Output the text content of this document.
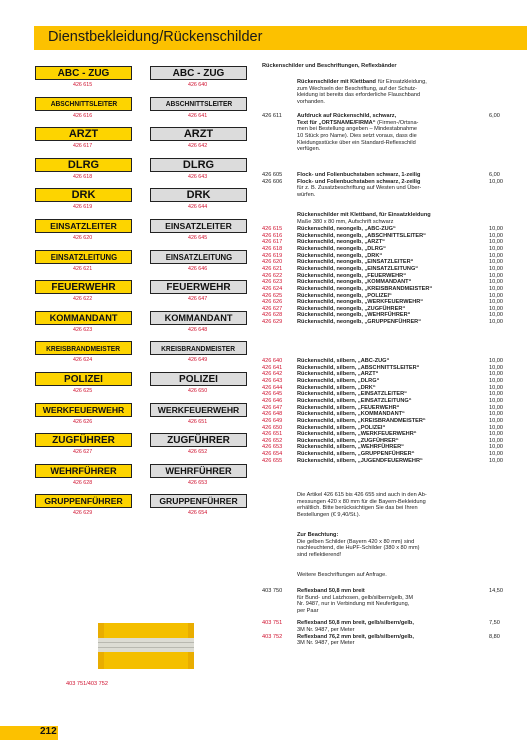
Dienstbekleidung/Rückenschilder
ABC - ZUG
426 615
ABSCHNITTSLEITER
426 616
ARZT
426 617
DLRG
426 618
DRK
426 619
EINSATZLEITER
426 620
EINSATZLEITUNG
426 621
FEUERWEHR
426 622
KOMMANDANT
426 623
KREISBRANDMEISTER
426 624
POLIZEI
426 625
WERKFEUERWEHR
426 626
ZUGFÜHRER
426 627
WEHRFÜHRER
426 628
GRUPPENFÜHRER
426 629
ABC - ZUG
426 640
ABSCHNITTSLEITER
426 641
ARZT
426 642
DLRG
426 643
DRK
426 644
EINSATZLEITER
426 645
EINSATZLEITUNG
426 646
FEUERWEHR
426 647
KOMMANDANT
426 648
KREISBRANDMEISTER
426 649
POLIZEI
426 650
WERKFEUERWEHR
426 651
ZUGFÜHRER
426 652
WEHRFÜHRER
426 653
GRUPPENFÜHRER
426 654
Rückenschilder und Beschriftungen, Reflexbänder
Rückenschilder mit Klettband für Einsatzkleidung,
zum Wechseln der Beschriftung, auf der Schutz-
kleidung ist bereits das erforderliche Flauschband
vorhanden.
426 611	Aufdruck auf Rückenschild, schwarz,	6,00
Text für „ORTSNAME/FIRMA“ (Firmen-/Ortsna-
men bei Bestellung angeben – Mindestabnahme
10 Stück pro Name). Dies setzt voraus, dass die
Kleidungsstücke über ein Standard-Reflexschild
verfügen.
426 605	Flock- und Folienbuchstaben schwarz, 1-zeilig	6,00
426 606	Flock- und Folienbuchstaben schwarz, 2-zeilig	10,00
für z. B. Zusatzbeschriftung auf Westen und Über-
würfen.
Rückenschilder mit Klettband, für Einsatzkleidung
Maße 380 x 80 mm, Aufschrift schwarz
426 615	Rückenschild, neongelb, „ABC-ZUG“	10,00
426 616	Rückenschild, neongelb, „ABSCHNITTSLEITER“	10,00
426 617	Rückenschild, neongelb, „ARZT“	10,00
426 618	Rückenschild, neongelb, „DLRG“	10,00
426 619	Rückenschild, neongelb, „DRK“	10,00
426 620	Rückenschild, neongelb, „EINSATZLEITER“	10,00
426 621	Rückenschild, neongelb, „EINSATZLEITUNG“	10,00
426 622	Rückenschild, neongelb, „FEUERWEHR“	10,00
426 623	Rückenschild, neongelb, „KOMMANDANT“	10,00
426 624	Rückenschild, neongelb, „KREISBRANDMEISTER“	10,00
426 625	Rückenschild, neongelb, „POLIZEI“	10,00
426 626	Rückenschild, neongelb, „WERKFEUERWEHR“	10,00
426 627	Rückenschild, neongelb, „ZUGFÜHRER“	10,00
426 628	Rückenschild, neongelb, „WEHRFÜHRER“	10,00
426 629	Rückenschild, neongelb, „GRUPPENFÜHRER“	10,00
426 640	Rückenschild, silbern, „ABC-ZUG“	10,00
426 641	Rückenschild, silbern, „ABSCHNITTSLEITER“	10,00
426 642	Rückenschild, silbern, „ARZT“	10,00
426 643	Rückenschild, silbern, „DLRG“	10,00
426 644	Rückenschild, silbern, „DRK“	10,00
426 645	Rückenschild, silbern, „EINSATZLEITER“	10,00
426 646	Rückenschild, silbern, „EINSATZLEITUNG“	10,00
426 647	Rückenschild, silbern, „FEUERWEHR“	10,00
426 648	Rückenschild, silbern, „KOMMANDANT“	10,00
426 649	Rückenschild, silbern, „KREISBRANDMEISTER“	10,00
426 650	Rückenschild, silbern, „POLIZEI“	10,00
426 651	Rückenschild, silbern, „WERKFEUERWEHR“	10,00
426 652	Rückenschild, silbern, „ZUGFÜHRER“	10,00
426 653	Rückenschild, silbern, „WEHRFÜHRER“	10,00
426 654	Rückenschild, silbern, „GRUPPENFÜHRER“	10,00
426 655	Rückenschild, silbern, „JUGENDFEUERWEHR“	10,00
Die Artikel 426 615 bis 426 655 sind auch in den Ab-
messungen 420 x 80 mm für die Bayern-Bekleidung
erhältlich. Bitte berücksichtigen Sie das bei Ihren
Bestellungen (€ 9,40/St.).
Zur Beachtung:
Die gelben Schilder (Bayern 420 x 80 mm) sind
nachleuchtend, die HuPF-Schilder (380 x 80 mm)
sind reflektierend!
Weitere Beschriftungen auf Anfrage.
403 750	Reflexband 50,8 mm breit	14,50
für Bund- und Latzhosen, gelb/silbern/gelb, 3M
Nr. 9487, nur in Verbindung mit Neufertigung,
per Paar
403 751	Reflexband 50,8 mm breit, gelb/silbern/gelb,	7,50
3M Nr. 9487, per Meter
403 752	Reflexband 76,2 mm breit, gelb/silbern/gelb,	8,80
3M Nr. 9487, per Meter
403 751/403 752
212
